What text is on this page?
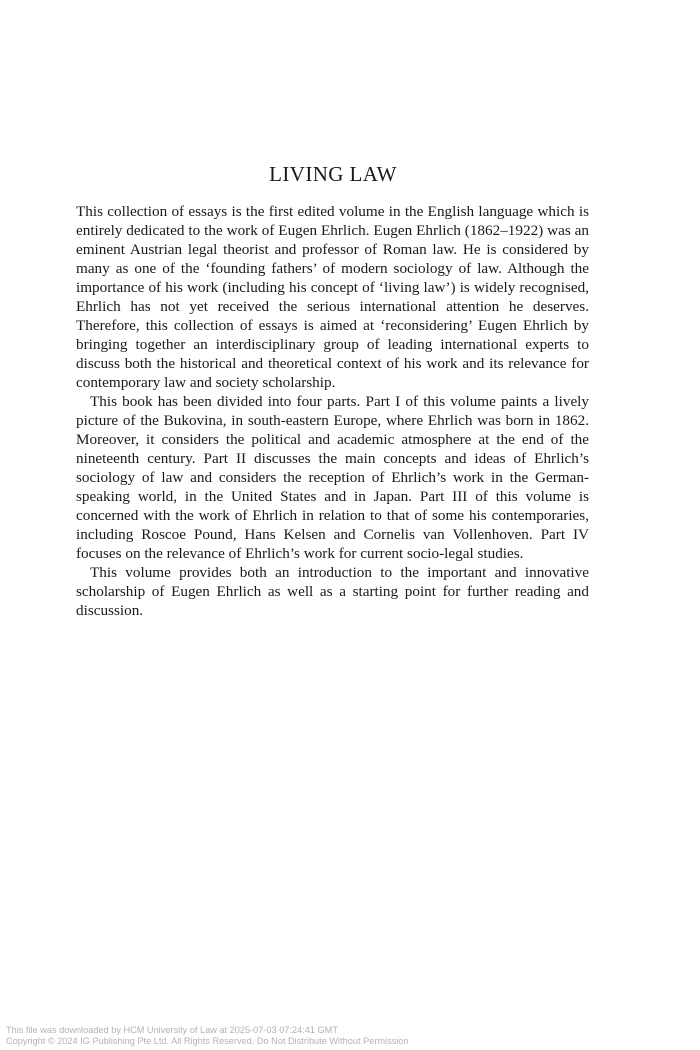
LIVING LAW

This collection of essays is the first edited volume in the English language which is entirely dedicated to the work of Eugen Ehrlich. Eugen Ehrlich (1862–1922) was an eminent Austrian legal theorist and professor of Roman law. He is considered by many as one of the ‘founding fathers’ of modern sociology of law. Although the importance of his work (including his concept of ‘living law’) is widely recognised, Ehrlich has not yet received the serious international attention he deserves. Therefore, this collection of essays is aimed at ‘reconsidering’ Eugen Ehrlich by bringing together an interdisciplinary group of leading international experts to discuss both the historical and theoretical context of his work and its relevance for contemporary law and society scholarship.

This book has been divided into four parts. Part I of this volume paints a lively picture of the Bukovina, in south-eastern Europe, where Ehrlich was born in 1862. Moreover, it considers the political and academic atmosphere at the end of the nineteenth century. Part II discusses the main concepts and ideas of Ehrlich’s sociology of law and considers the reception of Ehrlich’s work in the German-speaking world, in the United States and in Japan. Part III of this volume is concerned with the work of Ehrlich in relation to that of some his contemporaries, including Roscoe Pound, Hans Kelsen and Cornelis van Vollenhoven. Part IV focuses on the relevance of Ehrlich’s work for current socio-legal studies.

This volume provides both an introduction to the important and innovative scholarship of Eugen Ehrlich as well as a starting point for further reading and discussion.

This file was downloaded by HCM University of Law at 2025-07-03 07:24:41 GMT
Copyright © 2024 IG Publishing Pte Ltd. All Rights Reserved. Do Not Distribute Without Permission
